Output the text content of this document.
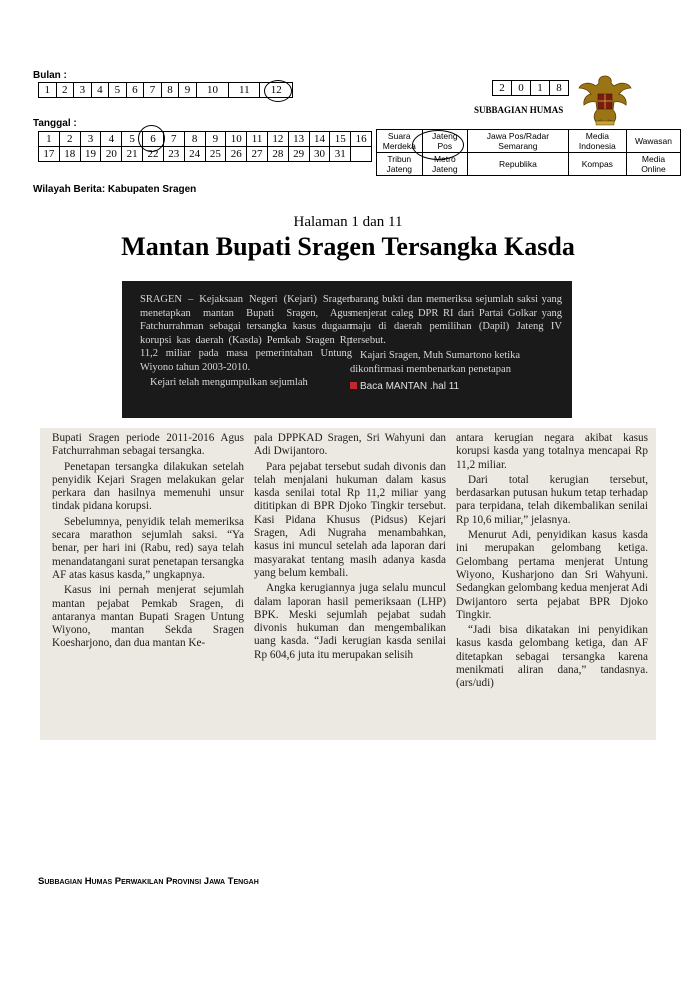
Bulan :
1	2	3	4	5	6	7	8	9	10	11	12
Tanggal :
1	2	3	4	5	6	7	8	9	10	11	12	13	14	15	16
17	18	19	20	21	22	23	24	25	26	27	28	29	30	31	
2	0	1	8
SUBBAGIAN HUMAS
Suara Merdeka	Jateng Pos	Jawa Pos/Radar Semarang	Media Indonesia	Wawasan
Tribun Jateng	Metro Jateng	Republika	Kompas	Media Online
Wilayah Berita: Kabupaten Sragen
Halaman 1 dan 11
Mantan Bupati Sragen Tersangka Kasda

SRAGEN – Kejaksaan Negeri (Kejari) Sragen menetapkan mantan Bupati Sragen, Agus Fatchurrahman sebagai tersangka kasus dugaan korupsi kas daerah (Kasda) Pemkab Sragen Rp 11,2 miliar pada masa pemerintahan Untung Wiyono tahun 2003-2010.

Kejari telah mengumpulkan sejumlah

barang bukti dan memeriksa sejumlah saksi yang menjerat caleg DPR RI dari Partai Golkar yang maju di daerah pemilihan (Dapil) Jateng IV tersebut.

Kajari Sragen, Muh Sumartono ketika dikonfirmasi membenarkan penetapan

Baca MANTAN .hal 11

Bupati Sragen periode 2011-2016 Agus Fatchurrahman sebagai tersangka.

Penetapan tersangka dilakukan setelah penyidik Kejari Sragen melakukan gelar perkara dan hasilnya memenuhi unsur tindak pidana korupsi.

Sebelumnya, penyidik telah memeriksa secara marathon sejumlah saksi. “Ya benar, per hari ini (Rabu, red) saya telah menandatangani surat penetapan tersangka AF atas kasus kasda,” ungkapnya.

Kasus ini pernah menjerat sejumlah mantan pejabat Pemkab Sragen, di antaranya mantan Bupati Sragen Untung Wiyono, mantan Sekda Sragen Koesharjono, dan dua mantan Ke-

pala DPPKAD Sragen, Sri Wahyuni dan Adi Dwijantoro.

Para pejabat tersebut sudah divonis dan telah menjalani hukuman dalam kasus kasda senilai total Rp 11,2 miliar yang dititipkan di BPR Djoko Tingkir tersebut. Kasi Pidana Khusus (Pidsus) Kejari Sragen, Adi Nugraha menambahkan, kasus ini muncul setelah ada laporan dari masyarakat tentang masih adanya kasda yang belum kembali.

Angka kerugiannya juga selalu muncul dalam laporan hasil pemeriksaan (LHP) BPK. Meski sejumlah pejabat sudah divonis hukuman dan mengembalikan uang kasda. “Jadi kerugian kasda senilai Rp 604,6 juta itu merupakan selisih

antara kerugian negara akibat kasus korupsi kasda yang totalnya mencapai Rp 11,2 miliar.

Dari total kerugian tersebut, berdasarkan putusan hukum tetap terhadap para terpidana, telah dikembalikan senilai Rp 10,6 miliar,” jelasnya.

Menurut Adi, penyidikan kasus kasda ini merupakan gelombang ketiga. Gelombang pertama menjerat Untung Wiyono, Kusharjono dan Sri Wahyuni. Sedangkan gelombang kedua menjerat Adi Dwijantoro serta pejabat BPR Djoko Tingkir.

“Jadi bisa dikatakan ini penyidikan kasus kasda gelombang ketiga, dan AF ditetapkan sebagai tersangka karena menikmati aliran dana,” tandasnya.(ars/udi)

Subbagian Humas Perwakilan Provinsi Jawa Tengah
